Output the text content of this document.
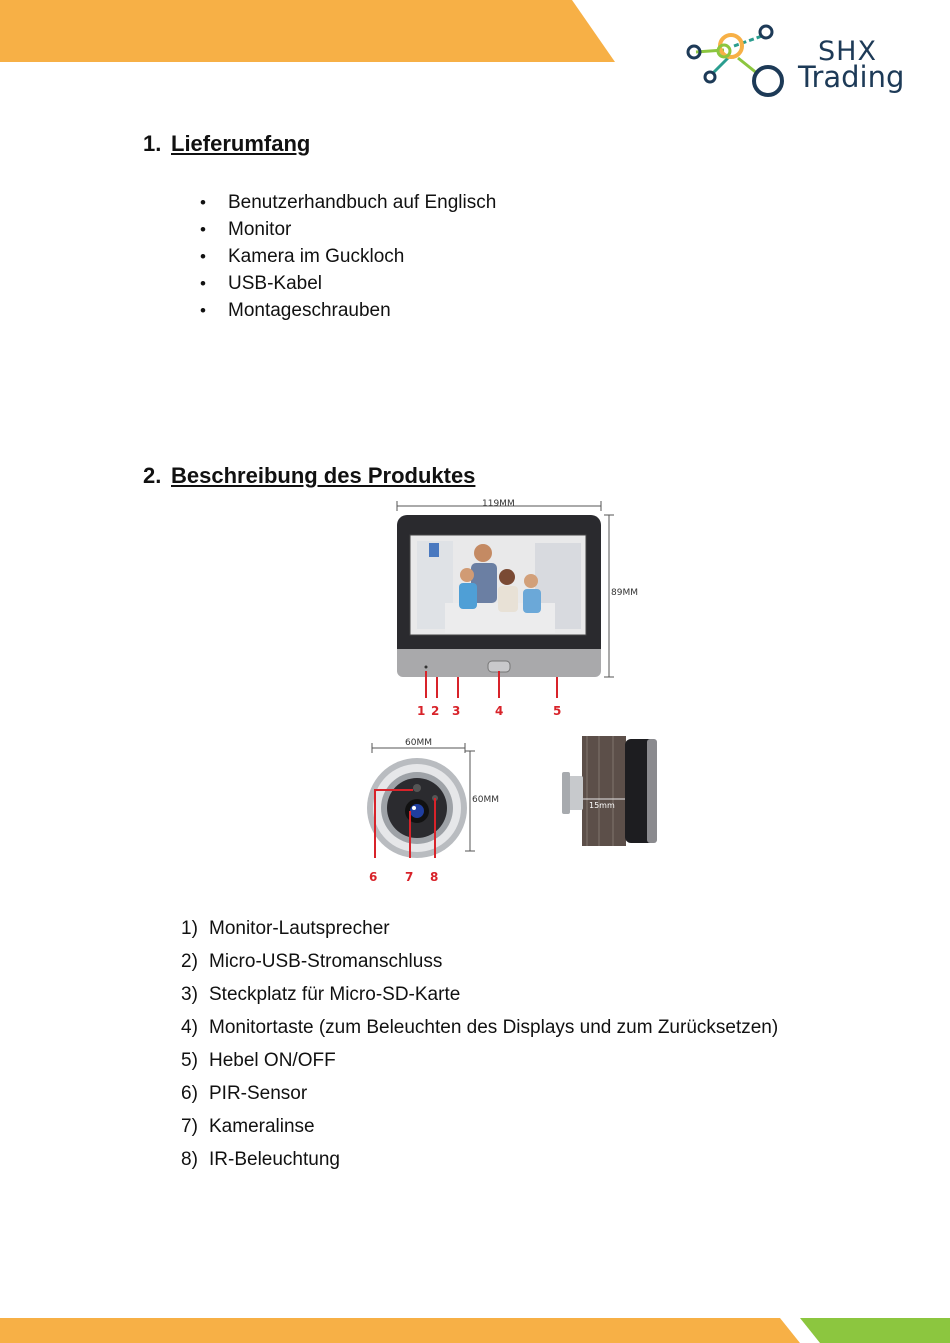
SHX
Trading
1. Lieferumfang
• Benutzerhandbuch auf Englisch
• Monitor
• Kamera im Guckloch
• USB-Kabel
• Montageschrauben
2. Beschreibung des Produktes
119MM
89MM
1 2 3	4	5
60MM
60MM
6 7 8
15mm
1) Monitor-Lautsprecher
2) Micro-USB-Stromanschluss
3) Steckplatz für Micro-SD-Karte
4) Monitortaste (zum Beleuchten des Displays und zum Zurücksetzen)
5) Hebel ON/OFF
6) PIR-Sensor
7) Kameralinse
8) IR-Beleuchtung
